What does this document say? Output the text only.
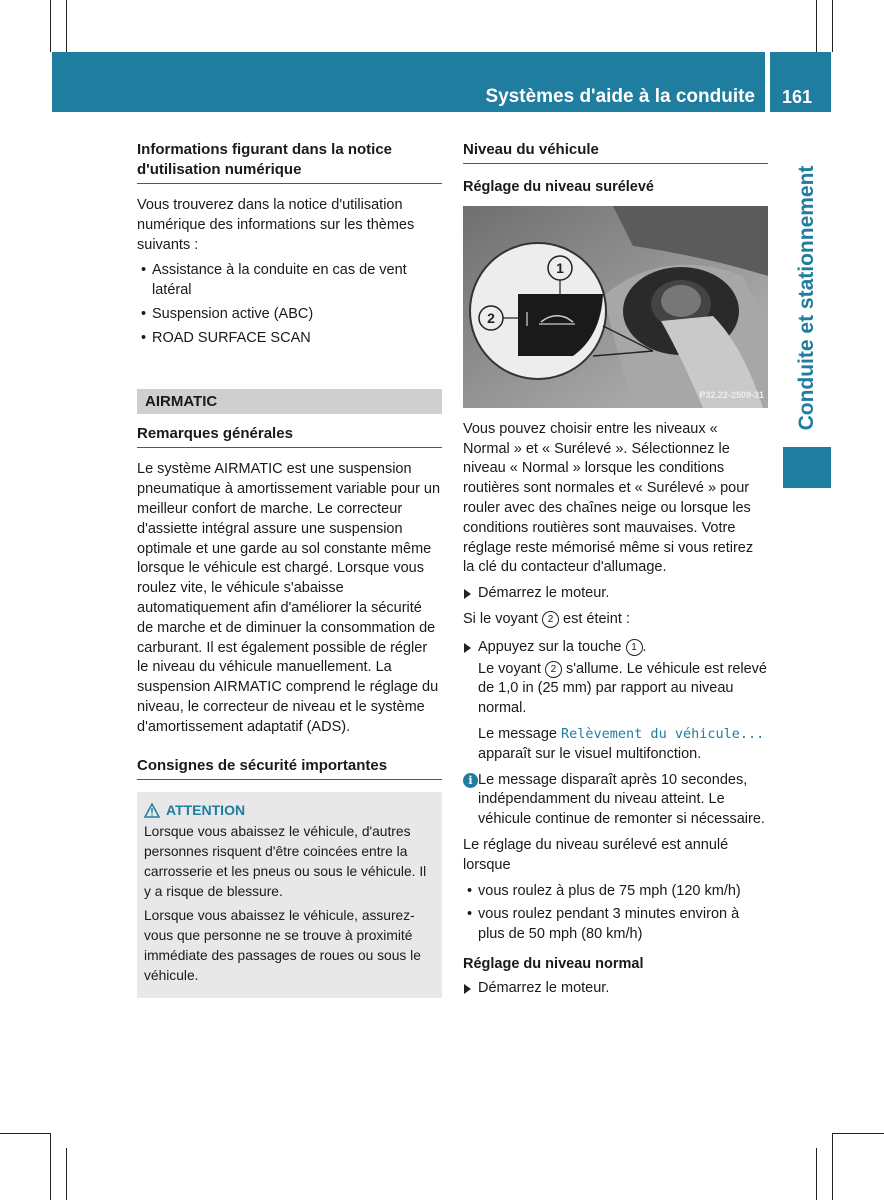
Systèmes d'aide à la conduite 161
Conduite et stationnement
Informations figurant dans la notice d'utilisation numérique

Vous trouverez dans la notice d'utilisation numérique des informations sur les thèmes suivants :

• Assistance à la conduite en cas de vent latéral
• Suspension active (ABC)
• ROAD SURFACE SCAN
AIRMATIC
Remarques générales

Le système AIRMATIC est une suspension pneumatique à amortissement variable pour un meilleur confort de marche. Le correcteur d'assiette intégral assure une suspension optimale et une garde au sol constante même lorsque le véhicule est chargé. Lorsque vous roulez vite, le véhicule s'abaisse automatiquement afin d'améliorer la sécurité de marche et de diminuer la consommation de carburant. Il est également possible de régler le niveau du véhicule manuellement. La suspension AIRMATIC comprend le réglage du niveau, le correcteur de niveau et le système d'amortissement adaptatif (ADS).

Consignes de sécurité importantes
ATTENTION

Lorsque vous abaissez le véhicule, d'autres personnes risquent d'être coincées entre la carrosserie et les pneus ou sous le véhicule. Il y a risque de blessure.

Lorsque vous abaissez le véhicule, assurez-vous que personne ne se trouve à proximité immédiate des passages de roues ou sous le véhicule.

Niveau du véhicule
Réglage du niveau surélevé
1
2
P32.22-2509-31

Vous pouvez choisir entre les niveaux « Normal » et « Surélevé ». Sélectionnez le niveau « Normal » lorsque les conditions routières sont normales et « Surélevé » pour rouler avec des chaînes neige ou lorsque les conditions routières sont mauvaises. Votre réglage reste mémorisé même si vous retirez la clé du contacteur d'allumage.

Démarrez le moteur.

Si le voyant 2 est éteint :

Appuyez sur la touche 1 .

Le voyant 2 s'allume. Le véhicule est relevé de 1,0 in (25 mm) par rapport au niveau normal.

Le message Relèvement du véhicule... apparaît sur le visuel multifonction.

i Le message disparaît après 10 secondes, indépendamment du niveau atteint. Le véhicule continue de remonter si nécessaire.

Le réglage du niveau surélevé est annulé lorsque

• vous roulez à plus de 75 mph (120 km/h)
• vous roulez pendant 3 minutes environ à plus de 50 mph (80 km/h)
Réglage du niveau normal
Démarrez le moteur.
